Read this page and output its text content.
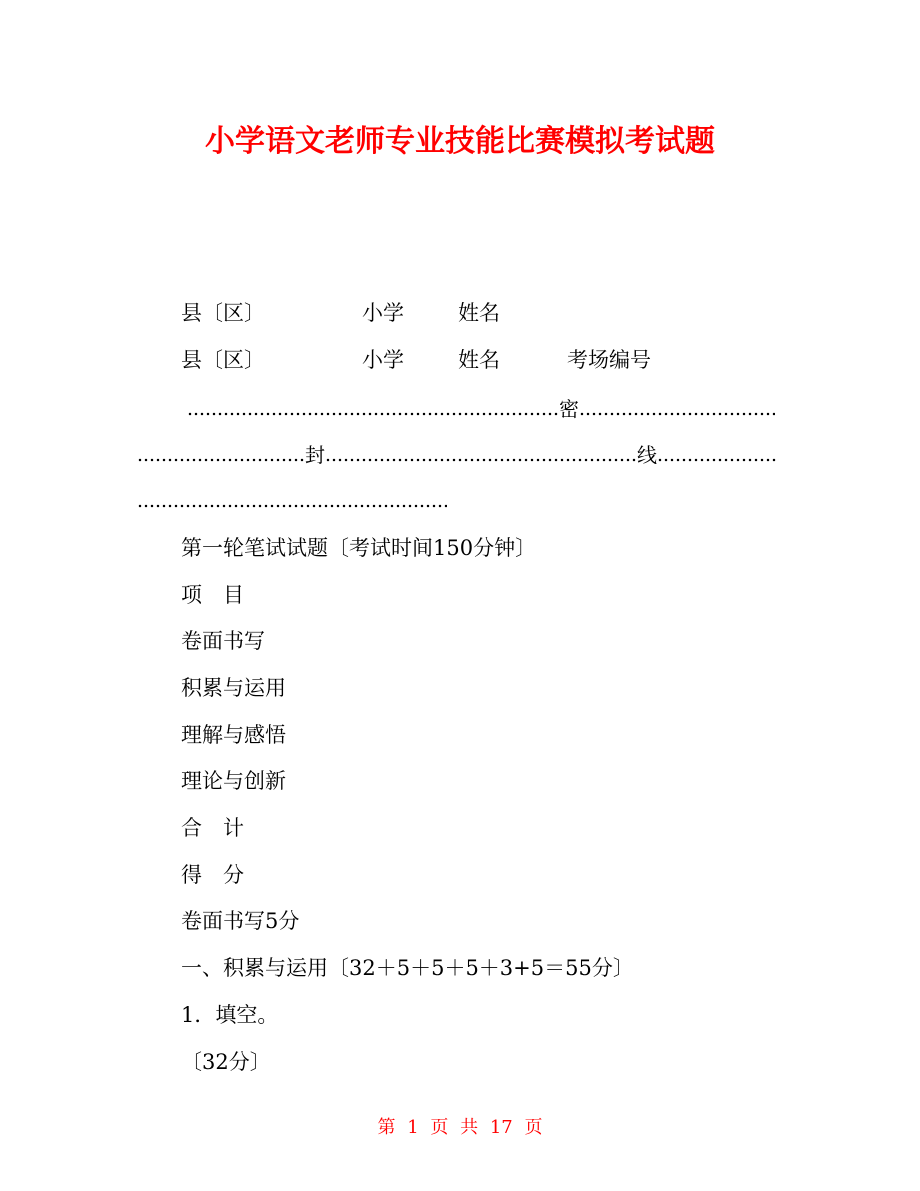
小学语文老师专业技能比赛模拟考试题
县〔区〕	小学	姓名
县〔区〕	小学	姓名	考场编号
密
封	线
第一轮笔试试题〔考试时间150分钟〕
项　目
卷面书写
积累与运用
理解与感悟
理论与创新
合　计
得　分
卷面书写5分
一、积累与运用〔32＋5＋5＋5＋3+5＝55分〕
1．填空。
〔32分〕
第 1 页 共 17 页
